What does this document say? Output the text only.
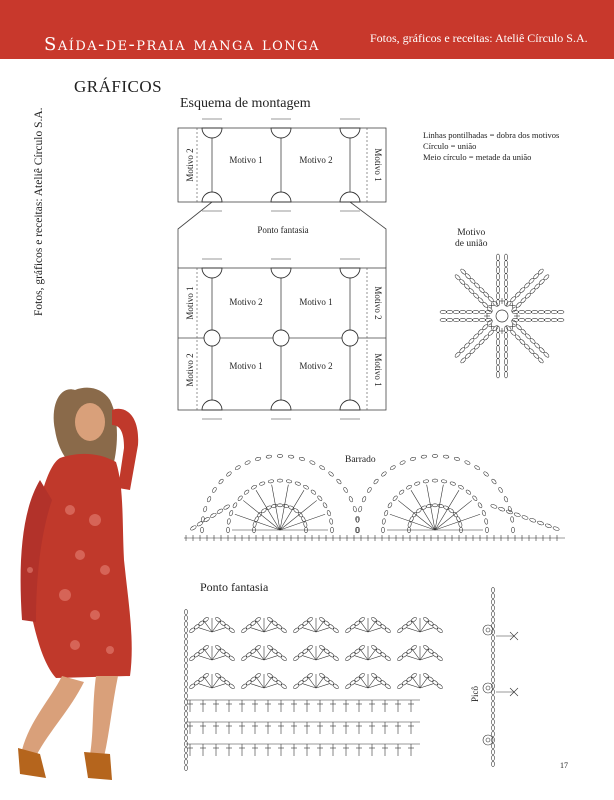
Saída-de-praia manga longa	Fotos, gráficos e receitas: Ateliê Círculo S.A.
GRÁFICOS
Fotos, gráficos e receitas: Ateliê Círculo S.A.
Esquema de montagem
Linhas pontilhadas = dobra dos motivos
Círculo = união
Meio círculo = metade da união
Motivo
de união
Barrado
Ponto fantasia
Picô
Motivo 2	Motivo 1	Motivo 2	Motivo 1
Ponto fantasia
Motivo 1	Motivo 2	Motivo 1	Motivo 2
Motivo 2	Motivo 1	Motivo 2	Motivo 1
17
PassionForum.ru
